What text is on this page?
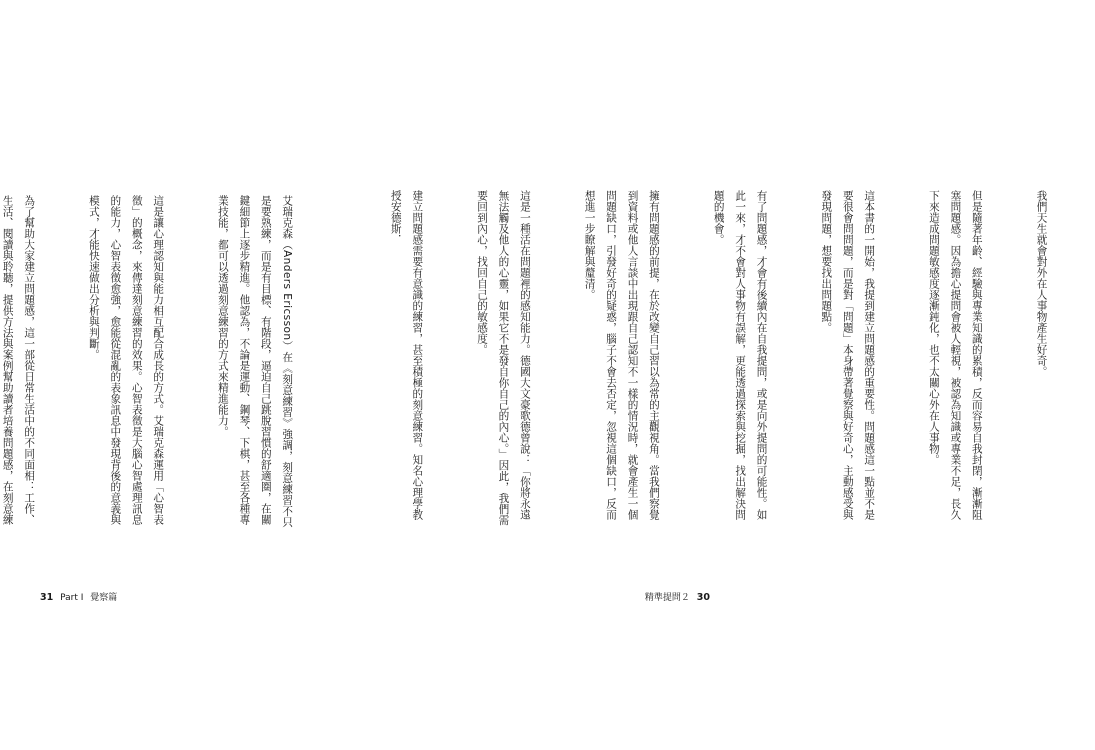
艾瑞克森（Anders Ericsson）在《刻意練習》強調，刻意練習不只是要熟練，而是有目標、有階段，逼迫自己跳脫習慣的舒適圈，在關鍵細節上逐步精進。他認為，不論是運動、鋼琴、下棋，甚至各種專業技能，都可以透過刻意練習的方式來精進能力。

這是讓心理認知與能力相互配合成長的方式。艾瑞克森運用「心智表徵」的概念，來傳達刻意練習的效果。心智表徵是大腦心智處理訊息的能力，心智表徵愈強，愈能從混亂的表象訊息中發現背後的意義與模式，才能快速做出分析與判斷。

為了幫助大家建立問題感，這一部從日常生活中的不同面相：工作、生活、閱讀與聆聽，提供方法與案例幫助讀者培養問題感，在刻意練

31 Part I 覺察篇

我們天生就會對外在人事物產生好奇。

但是隨著年齡、經驗與專業知識的累積，反而容易自我封閉，漸漸阻塞問題感。因為擔心提問會被人輕視，被認為知識或專業不足，長久下來造成問題敏感度逐漸鈍化，也不太關心外在人事物。

這本書的一開始，我提到建立問題感的重要性。問題感這一點並不是要很會問問題，而是對「問題」本身帶著覺察與好奇心，主動感受與發現問題，想要找出問題點。

有了問題感，才會有後續內在自我提問，或是向外提問的可能性。如此一來，才不會對人事物有誤解，更能透過探索與挖掘，找出解決問題的機會。

擁有問題感的前提，在於改變自己習以為常的主觀視角。當我們察覺到資料或他人言談中出現跟自己認知不一樣的情況時，就會產生一個問題缺口，引發好奇的疑惑，腦子不會去否定，忽視這個缺口，反而想進一步瞭解與釐清。

這是一種活在問題裡的感知能力。德國大文豪歌德曾說：「你將永遠無法觸及他人的心靈，如果它不是發自你自己的內心。」因此，我們需要回到內心，找回自己的敏感度。

建立問題感需要有意識的練習，甚至積極的刻意練習。知名心理學教授安德斯．

精準提問２ 30
